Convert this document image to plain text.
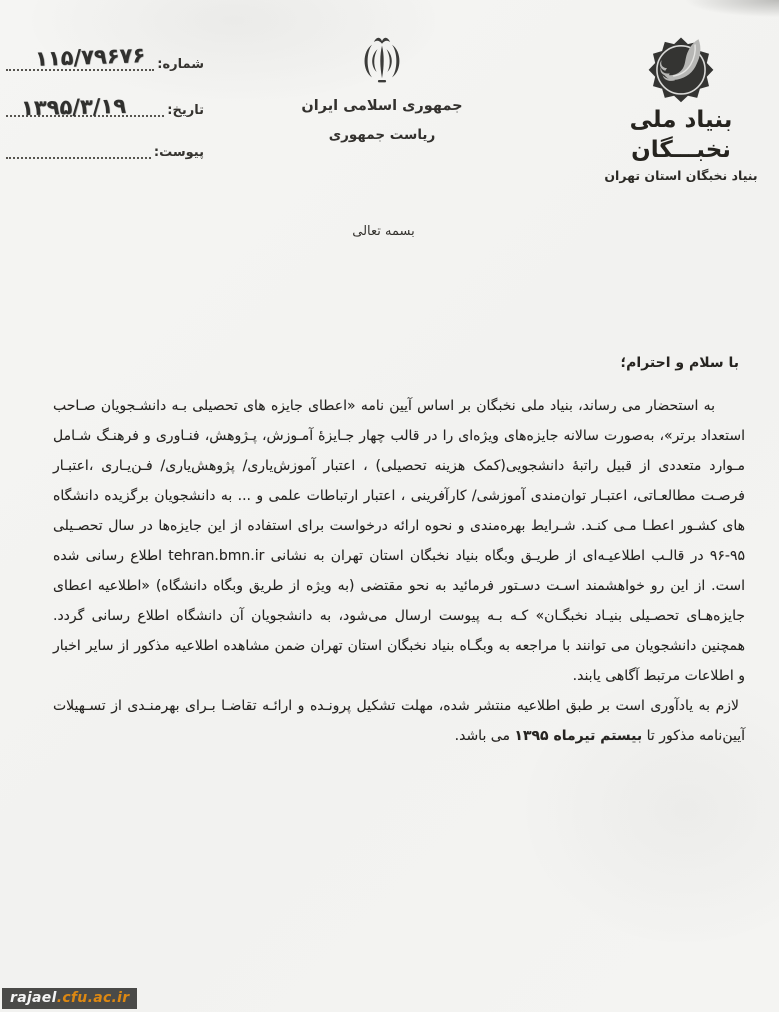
شماره:
تاریخ:
پیوست:
۱۱۵/۷۹۶۷۶
۱۳۹۵/۳/۱۹	جمهوری اسلامی ایران
ریاست جمهوری
بنیاد ملی نخبـــگان
بنیاد نخبگان استان تهران
بسمه تعالی
با سلام و احترام؛

به استحضار می رساند، بنیاد ملی نخبگان بر اساس آیین نامه «اعطای جایزه های تحصیلی بـه دانشـجویان صـاحب استعداد برتر»، به‌صورت سالانه جایزه‌های ویژه‌ای را در قالب چهار جـایزهٔ آمـوزش، پـژوهش، فنـاوری و فرهنـگ شـامل مـوارد متعددی از قبیل راتبهٔ دانشجویی(کمک هزینه تحصیلی) ، اعتبار آموزش‌یاری/ پژوهش‌یاری/ فـن‌یـاری ،اعتبـار فرصـت مطالعـاتی، اعتبـار توان‌مندی آموزشی/ کارآفرینی ، اعتبار ارتباطات علمی و ... به دانشجویان برگزیده دانشگاه های کشـور اعطـا مـی کنـد. شـرایط بهره‌مندی و نحوه ارائه درخواست برای استفاده از این جایزه‌ها در سال تحصـیلی ۹۵-۹۶ در قالـب اطلاعیـه‌ای از طریـق وبگاه بنیاد نخبگان استان تهران به نشانی tehran.bmn.ir اطلاع رسانی شده است. از این رو خواهشمند اسـت دسـتور فرمائید به نحو مقتضی (به ویژه از طریق وبگاه دانشگاه) «اطلاعیه اعطای جایزه‌هـای تحصـیلی بنیـاد نخبگـان» کـه بـه پیوست ارسال می‌شود، به دانشجویان آن دانشگاه اطلاع رسانی گردد. همچنین دانشجویان می توانند با مراجعه به وبگـاه بنیاد نخبگان استان تهران ضمن مشاهده اطلاعیه مذکور از سایر اخبار و اطلاعات مرتبط آگاهی یابند.

لازم به یادآوری است بر طبق اطلاعیه منتشر شده، مهلت تشکیل پرونـده و ارائـه تقاضـا بـرای بهرمنـدی از تسـهیلات آیین‌نامه مذکور تا بیستم تیرماه ۱۳۹۵ می باشد.

rajael.cfu.ac.ir
